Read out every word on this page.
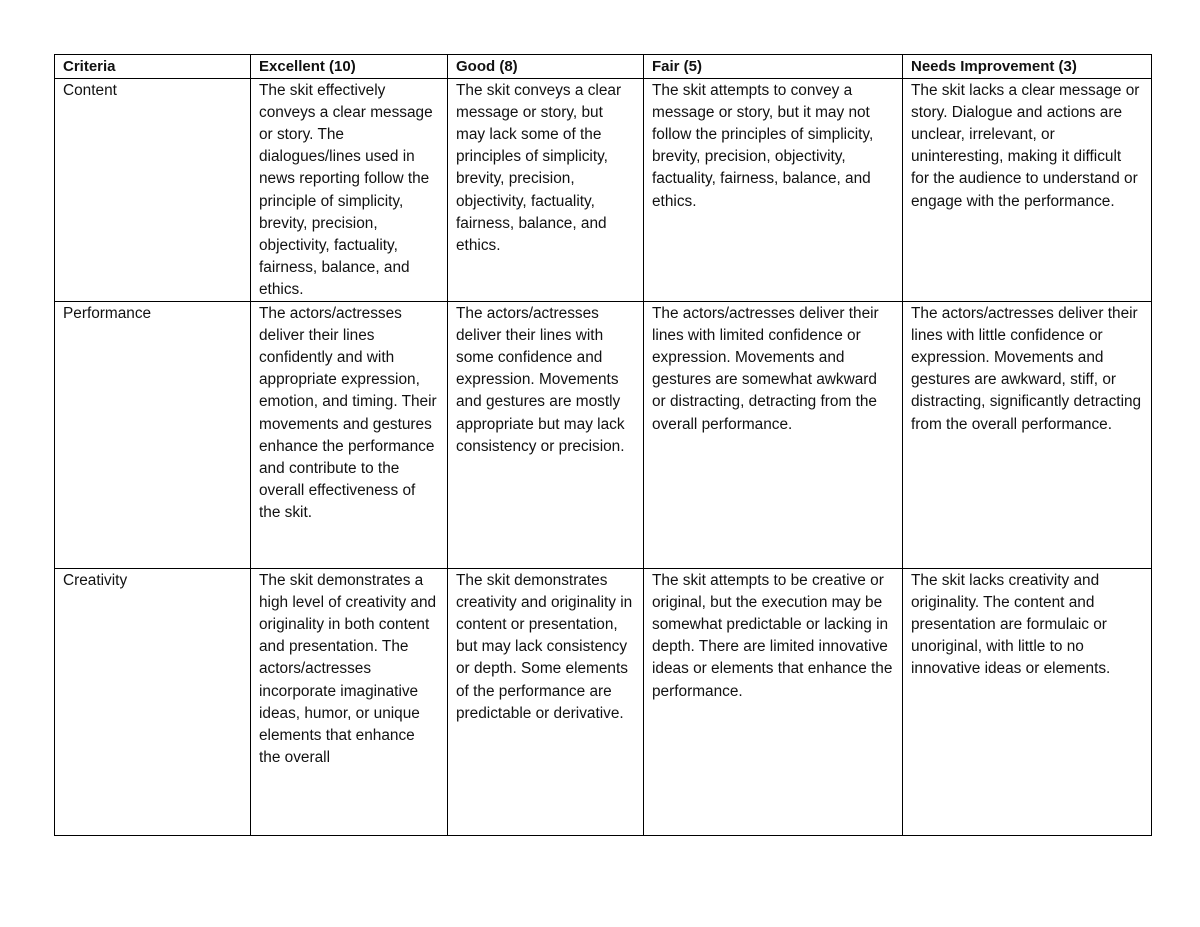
Criteria	Excellent (10)	Good (8)	Fair (5)	Needs Improvement (3)
Content	The skit effectively conveys a clear message or story. The dialogues/lines used in news reporting follow the principle of simplicity, brevity, precision, objectivity, factuality, fairness, balance, and ethics.	The skit conveys a clear message or story, but may lack some of the principles of simplicity, brevity, precision, objectivity, factuality, fairness, balance, and ethics.	The skit attempts to convey a message or story, but it may not follow the principles of simplicity, brevity, precision, objectivity, factuality, fairness, balance, and ethics.	The skit lacks a clear message or story. Dialogue and actions are unclear, irrelevant, or uninteresting, making it difficult for the audience to understand or engage with the performance.
Performance	The actors/actresses deliver their lines confidently and with appropriate expression, emotion, and timing. Their movements and gestures enhance the performance and contribute to the overall effectiveness of the skit.	The actors/actresses deliver their lines with some confidence and expression. Movements and gestures are mostly appropriate but may lack consistency or precision.	The actors/actresses deliver their lines with limited confidence or expression. Movements and gestures are somewhat awkward or distracting, detracting from the overall performance.	The actors/actresses deliver their lines with little confidence or expression. Movements and gestures are awkward, stiff, or distracting, significantly detracting from the overall performance.
Creativity	The skit demonstrates a high level of creativity and originality in both content and presentation. The actors/actresses incorporate imaginative ideas, humor, or unique elements that enhance the overall	The skit demonstrates creativity and originality in content or presentation, but may lack consistency or depth. Some elements of the performance are predictable or derivative.	The skit attempts to be creative or original, but the execution may be somewhat predictable or lacking in depth. There are limited innovative ideas or elements that enhance the performance.	The skit lacks creativity and originality. The content and presentation are formulaic or unoriginal, with little to no innovative ideas or elements.
